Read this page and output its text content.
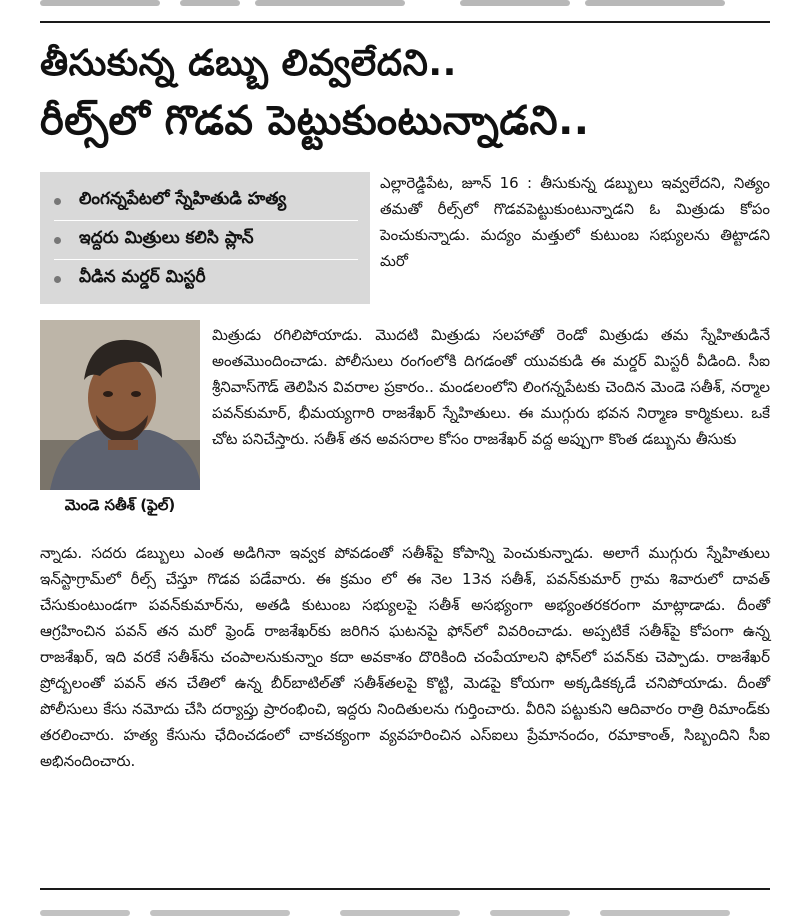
తీసుకున్న డబ్బు లివ్వలేదని..
రీల్స్‌లో గొడవ పెట్టుకుంటున్నాడని..
లింగన్నపేటలో స్నేహితుడి హత్య
ఇద్దరు మిత్రులు కలిసి ప్లాన్
వీడిన మర్డర్‌ మిస్టరీ
మెండె సతీశ్‌ (ఫైల్‌)
ఎల్లారెడ్డిపేట, జూన్‌ 16 : తీసుకున్న డబ్బులు ఇవ్వలేదని, నిత్యం తమతో రీల్స్‌లో గొడవపెట్టుకుంటున్నాడని ఓ మిత్రుడు కోపం పెంచుకున్నాడు. మద్యం మత్తులో కుటుంబ సభ్యులను తిట్టాడని మరో
మిత్రుడు రగిలిపోయాడు. మొదటి మిత్రుడు సలహాతో రెండో మిత్రుడు తమ స్నేహితుడినే అంతమొందించాడు. పోలీసులు రంగంలోకి దిగడంతో యువకుడి ఈ మర్డర్‌ మిస్టరీ వీడింది. సీఐ శ్రీనివాస్‌గౌడ్‌ తెలిపిన వివరాల ప్రకారం.. మండలంలోని లింగన్నపేటకు చెందిన మెండె సతీశ్‌, నర్మాల పవన్‌కుమార్‌, భీమయ్యగారి రాజశేఖర్‌ స్నేహితులు. ఈ ముగ్గురు భవన నిర్మాణ కార్మికులు. ఒకే చోట పనిచేస్తారు. సతీశ్‌ తన అవసరాల కోసం రాజశేఖర్‌ వద్ద అప్పుగా కొంత డబ్బును తీసుకు
న్నాడు. సదరు డబ్బులు ఎంత అడిగినా ఇవ్వక పోవడంతో సతీశ్‌పై కోపాన్ని పెంచుకున్నాడు. అలాగే ముగ్గురు స్నేహితులు ఇన్‌స్టాగ్రామ్‌లో రీల్స్‌ చేస్తూ గొడవ పడేవారు. ఈ క్రమం లో ఈ నెల 13న సతీశ్‌, పవన్‌కుమార్‌ గ్రామ శివారులో దావత్‌ చేసుకుంటుండగా పవన్‌కుమార్‌ను, అతడి కుటుంబ సభ్యులపై సతీశ్‌ అసభ్యంగా అభ్యంతరకరంగా మాట్లాడాడు. దీంతో ఆగ్రహించిన పవన్‌ తన మరో ఫ్రెండ్‌ రాజశేఖర్‌కు జరిగిన ఘటనపై ఫోన్‌లో వివరించాడు. అప్పటికే సతీశ్‌పై కోపంగా ఉన్న రాజశేఖర్‌, ఇది వరకే సతీశ్‌ను చంపాలనుకున్నాం కదా అవకాశం దొరికింది చంపేయాలని ఫోన్‌లో పవన్‌కు చెప్పాడు. రాజశేఖర్‌ ప్రోద్బలంతో పవన్‌ తన చేతిలో ఉన్న బీర్‌బాటిల్‌తో సతీశ్‌తలపై కొట్టి, మెడపై కోయగా అక్కడికక్కడే చనిపోయాడు. దీంతో పోలీసులు కేసు నమోదు చేసి దర్యాప్తు ప్రారంభించి, ఇద్దరు నిందితులను గుర్తించారు. వీరిని పట్టుకుని ఆదివారం రాత్రి రిమాండ్‌కు తరలించారు. హత్య కేసును ఛేదించడంలో చాకచక్యంగా వ్యవహరించిన ఎస్‌ఐలు ప్రేమానందం, రమాకాంత్‌, సిబ్బందిని సీఐ అభినందించారు.
